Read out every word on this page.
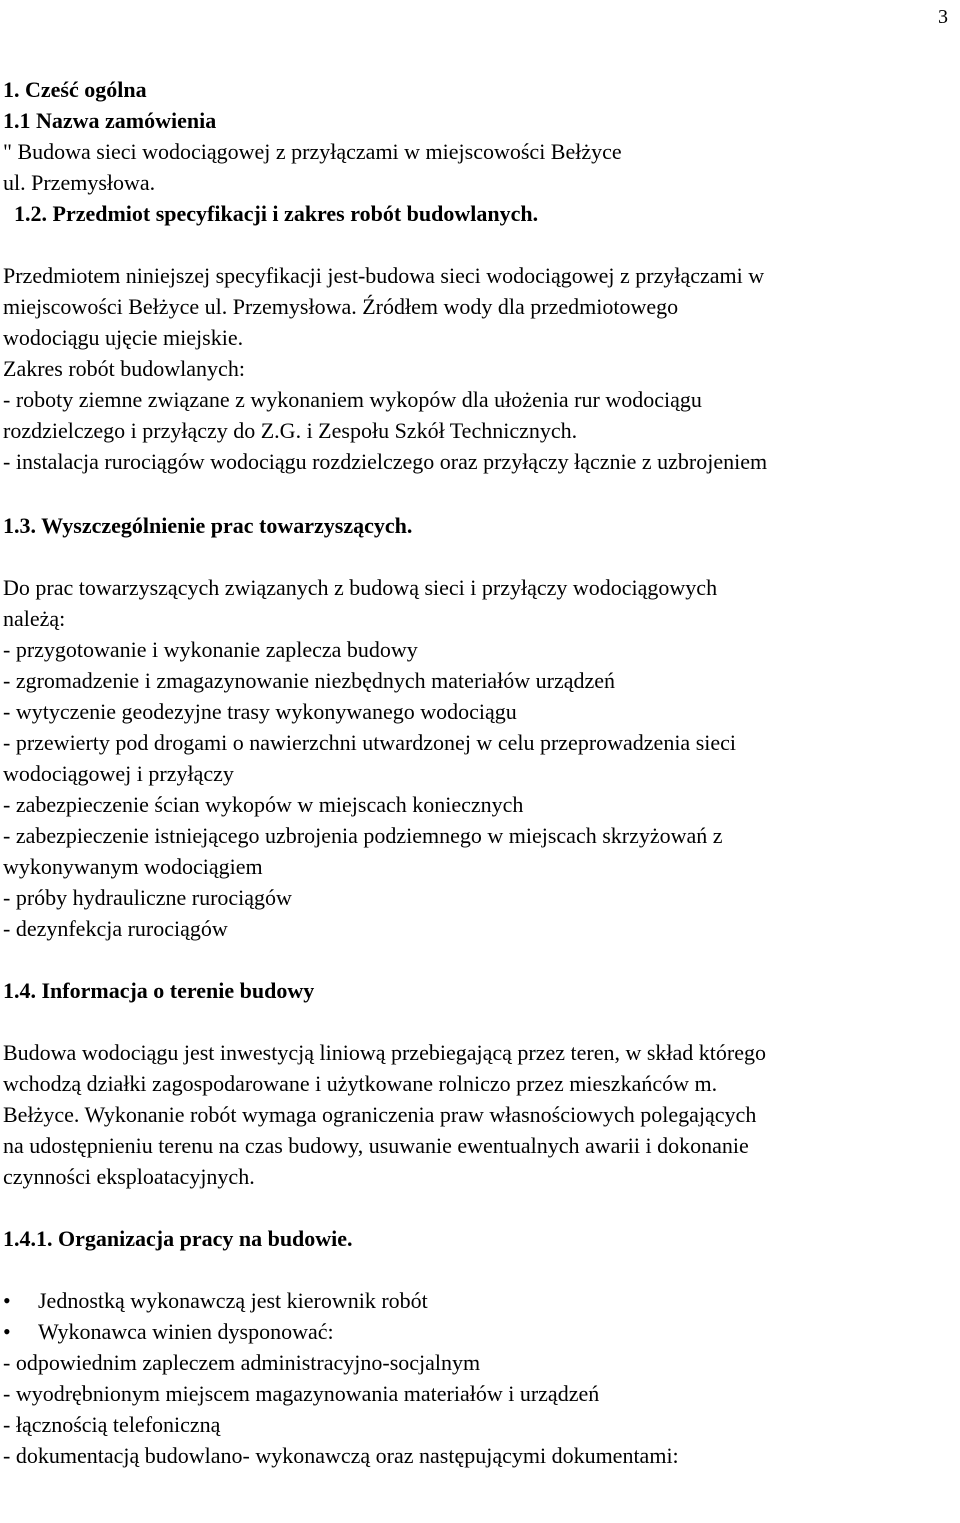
3
1. Cześć ogólna
1.1 Nazwa zamówienia
" Budowa sieci wodociągowej z przyłączami w miejscowości Bełżyce
ul. Przemysłowa.
1.2. Przedmiot specyfikacji i zakres robót budowlanych.
Przedmiotem niniejszej specyfikacji jest-budowa sieci wodociągowej z przyłączami w
miejscowości Bełżyce ul. Przemysłowa. Źródłem wody dla przedmiotowego
wodociągu ujęcie miejskie.
Zakres robót budowlanych:
- roboty ziemne związane z wykonaniem wykopów dla ułożenia rur wodociągu
rozdzielczego i przyłączy do Z.G. i Zespołu Szkół Technicznych.
- instalacja rurociągów wodociągu rozdzielczego oraz przyłączy łącznie z uzbrojeniem
1.3. Wyszczególnienie prac towarzyszących.
Do prac towarzyszących związanych z budową sieci i przyłączy wodociągowych
należą:
- przygotowanie i wykonanie zaplecza budowy
- zgromadzenie i zmagazynowanie niezbędnych materiałów urządzeń
- wytyczenie geodezyjne trasy wykonywanego wodociągu
- przewierty pod drogami o nawierzchni utwardzonej w celu przeprowadzenia sieci
wodociągowej i przyłączy
- zabezpieczenie ścian wykopów w miejscach koniecznych
- zabezpieczenie istniejącego uzbrojenia podziemnego w miejscach skrzyżowań z
wykonywanym wodociągiem
- próby hydrauliczne rurociągów
- dezynfekcja rurociągów
1.4. Informacja o terenie budowy
Budowa wodociągu jest inwestycją liniową przebiegającą przez teren, w skład którego
wchodzą działki zagospodarowane i użytkowane rolniczo przez mieszkańców m.
Bełżyce. Wykonanie robót wymaga ograniczenia praw własnościowych polegających
na udostępnieniu terenu na czas budowy, usuwanie ewentualnych awarii i dokonanie
czynności eksploatacyjnych.
1.4.1. Organizacja pracy na budowie.
• Jednostką wykonawczą jest kierownik robót
• Wykonawca winien dysponować:
- odpowiednim zapleczem administracyjno-socjalnym
- wyodrębnionym miejscem magazynowania materiałów i urządzeń
- łącznością telefoniczną
- dokumentacją budowlano- wykonawczą oraz następującymi dokumentami:
